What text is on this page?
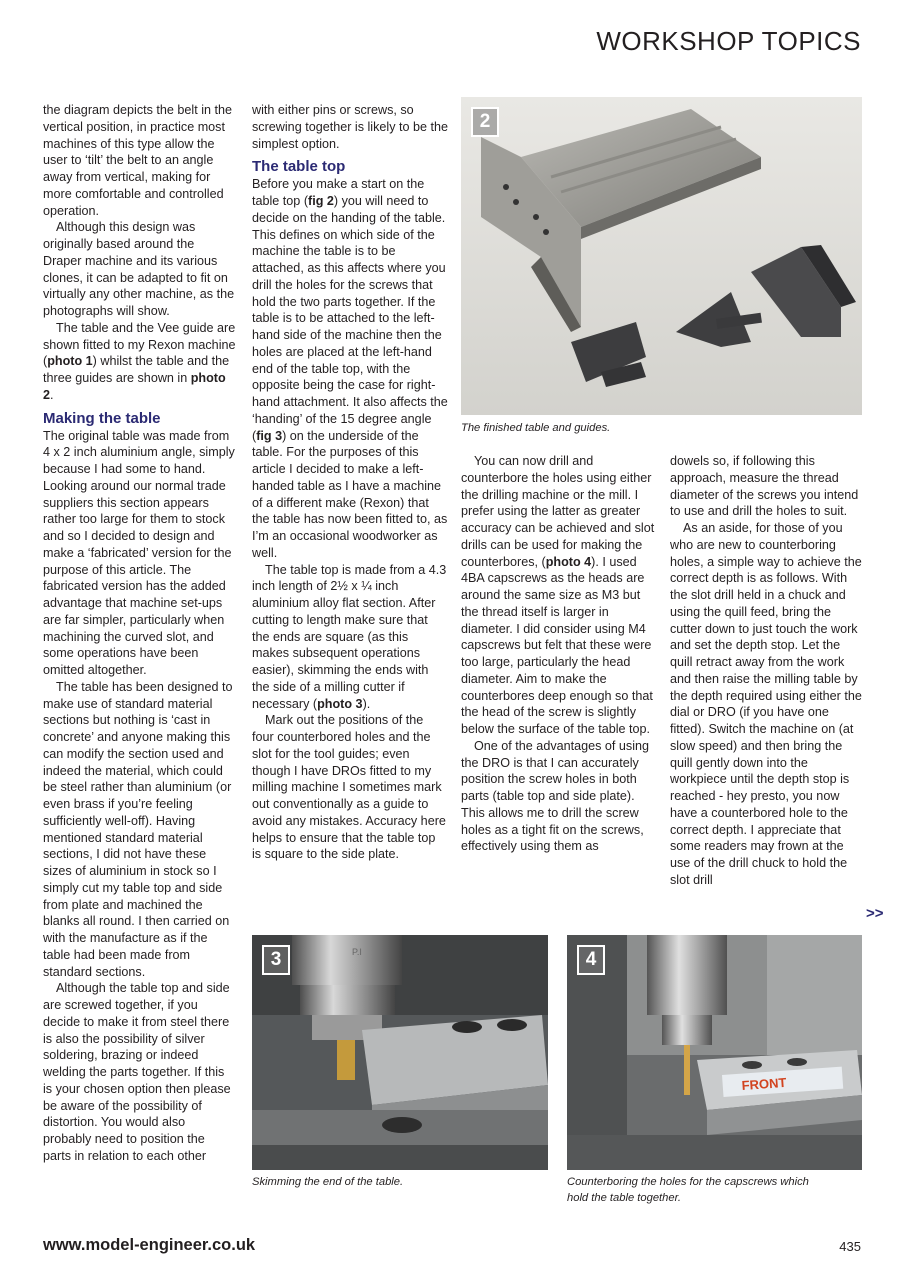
WORKSHOP TOPICS

the diagram depicts the belt in the vertical position, in practice most machines of this type allow the user to ‘tilt’ the belt to an angle away from vertical, making for more comfortable and controlled operation.

Although this design was originally based around the Draper machine and its various clones, it can be adapted to fit on virtually any other machine, as the photographs will show.

The table and the Vee guide are shown fitted to my Rexon machine (photo 1) whilst the table and the three guides are shown in photo 2.

Making the table

The original table was made from 4 x 2 inch aluminium angle, simply because I had some to hand. Looking around our normal trade suppliers this section appears rather too large for them to stock and so I decided to design and make a ‘fabricated’ version for the purpose of this article. The fabricated version has the added advantage that machine set-ups are far simpler, particularly when machining the curved slot, and some operations have been omitted altogether.

The table has been designed to make use of standard material sections but nothing is ‘cast in concrete’ and anyone making this can modify the section used and indeed the material, which could be steel rather than aluminium (or even brass if you’re feeling sufficiently well-off). Having mentioned standard material sections, I did not have these sizes of aluminium in stock so I simply cut my table top and side from plate and machined the blanks all round. I then carried on with the manufacture as if the table had been made from standard sections.

Although the table top and side are screwed together, if you decide to make it from steel there is also the possibility of silver soldering, brazing or indeed welding the parts together. If this is your chosen option then please be aware of the possibility of distortion. You would also probably need to position the parts in relation to each other

with either pins or screws, so screwing together is likely to be the simplest option.

The table top

Before you make a start on the table top (fig 2) you will need to decide on the handing of the table. This defines on which side of the machine the table is to be attached, as this affects where you drill the holes for the screws that hold the two parts together. If the table is to be attached to the left-hand side of the machine then the holes are placed at the left-hand end of the table top, with the opposite being the case for right-hand attachment. It also affects the ‘handing’ of the 15 degree angle (fig 3) on the underside of the table. For the purposes of this article I decided to make a left-handed table as I have a machine of a different make (Rexon) that the table has now been fitted to, as I’m an occasional woodworker as well.

The table top is made from a 4.3 inch length of 2½ x ¼ inch aluminium alloy flat section. After cutting to length make sure that the ends are square (as this makes subsequent operations easier), skimming the ends with the side of a milling cutter if necessary (photo 3).

Mark out the positions of the four counterbored holes and the slot for the tool guides; even though I have DROs fitted to my milling machine I sometimes mark out conventionally as a guide to avoid any mistakes. Accuracy here helps to ensure that the table top is square to the side plate.

2
The finished table and guides.

You can now drill and counterbore the holes using either the drilling machine or the mill. I prefer using the latter as greater accuracy can be achieved and slot drills can be used for making the counterbores, (photo 4). I used 4BA capscrews as the heads are around the same size as M3 but the thread itself is larger in diameter. I did consider using M4 capscrews but felt that these were too large, particularly the head diameter. Aim to make the counterbores deep enough so that the head of the screw is slightly below the surface of the table top.

One of the advantages of using the DRO is that I can accurately position the screw holes in both parts (table top and side plate). This allows me to drill the screw holes as a tight fit on the screws, effectively using them as

dowels so, if following this approach, measure the thread diameter of the screws you intend to use and drill the holes to suit.

As an aside, for those of you who are new to counterboring holes, a simple way to achieve the correct depth is as follows. With the slot drill held in a chuck and using the quill feed, bring the cutter down to just touch the work and set the depth stop. Let the quill retract away from the work and then raise the milling table by the depth required using either the dial or DRO (if you have one fitted). Switch the machine on (at slow speed) and then bring the quill gently down into the workpiece until the depth stop is reached - hey presto, you now have a counterbored hole to the correct depth. I appreciate that some readers may frown at the use of the drill chuck to hold the slot drill

>>
P.I
3
Skimming the end of the table.
FRONT
4
Counterboring the holes for the capscrews which hold the table together.
www.model-engineer.co.uk	435
